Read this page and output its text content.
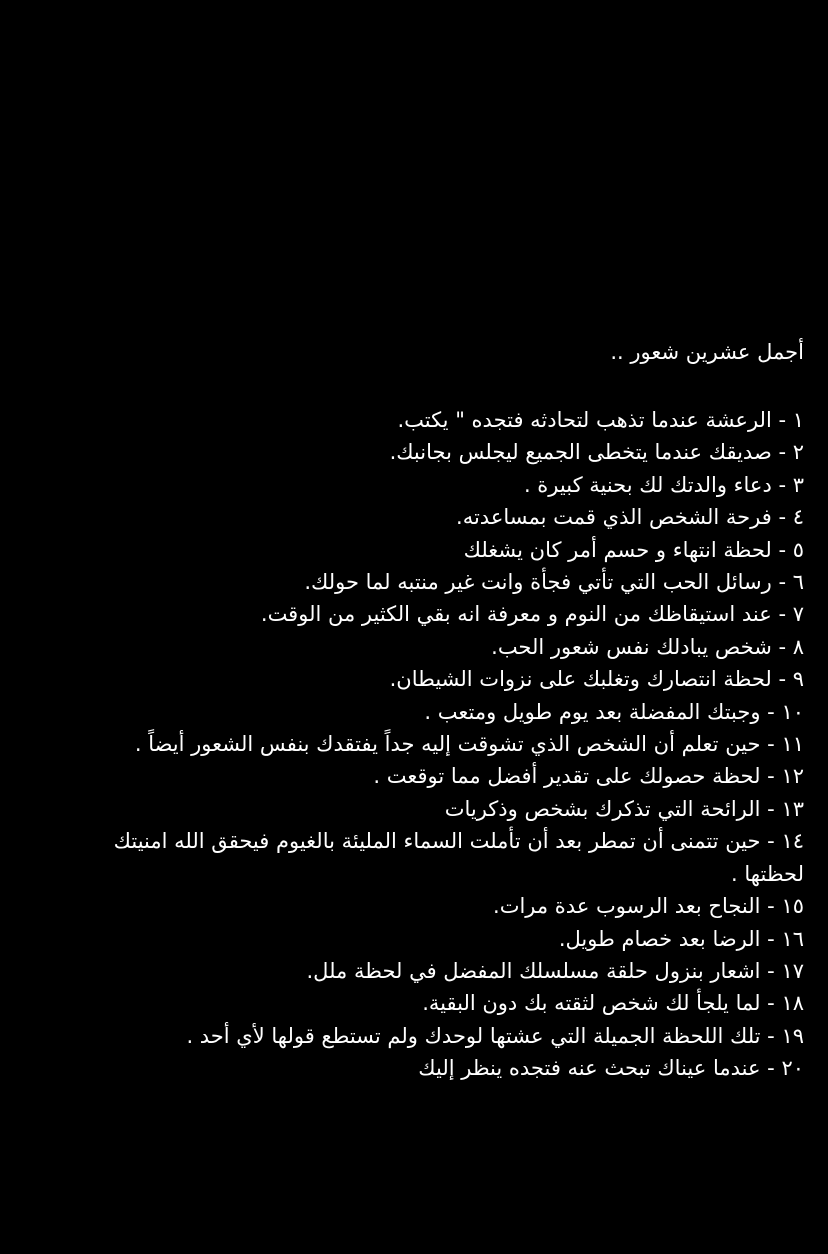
أجمل عشرين شعور ..
١ - الرعشة عندما تذهب لتحادثه فتجده " يكتب.
٢ - صديقك عندما يتخطى الجميع ليجلس بجانبك.
٣ - دعاء والدتك لك بحنية كبيرة .
٤ - فرحة الشخص الذي قمت بمساعدته.
٥ - لحظة انتهاء و حسم أمر كان يشغلك
٦ - رسائل الحب التي تأتي فجأة وانت غير منتبه لما حولك.
٧ - عند استيقاظك من النوم و معرفة انه بقي الكثير من الوقت.
٨ - شخص يبادلك نفس شعور الحب.
٩ - لحظة انتصارك وتغلبك على نزوات الشيطان.
١٠ - وجبتك المفضلة بعد يوم طويل ومتعب .
١١ - حين تعلم أن الشخص الذي تشوقت إليه جداً يفتقدك بنفس الشعور أيضاً .
١٢ - لحظة حصولك على تقدير أفضل مما توقعت .
١٣ - الرائحة التي تذكرك بشخص وذكريات
١٤ - حين تتمنى أن تمطر بعد أن تأملت السماء المليئة بالغيوم فيحقق الله امنيتك لحظتها .
١٥ - النجاح بعد الرسوب عدة مرات.
١٦ - الرضا بعد خصام طويل.
١٧ - اشعار بنزول حلقة مسلسلك المفضل في لحظة ملل.
١٨ - لما يلجأ لك شخص لثقته بك دون البقية.
١٩ - تلك اللحظة الجميلة التي عشتها لوحدك ولم تستطع قولها لأي أحد .
٢٠ - عندما عيناك تبحث عنه فتجده ينظر إليك
